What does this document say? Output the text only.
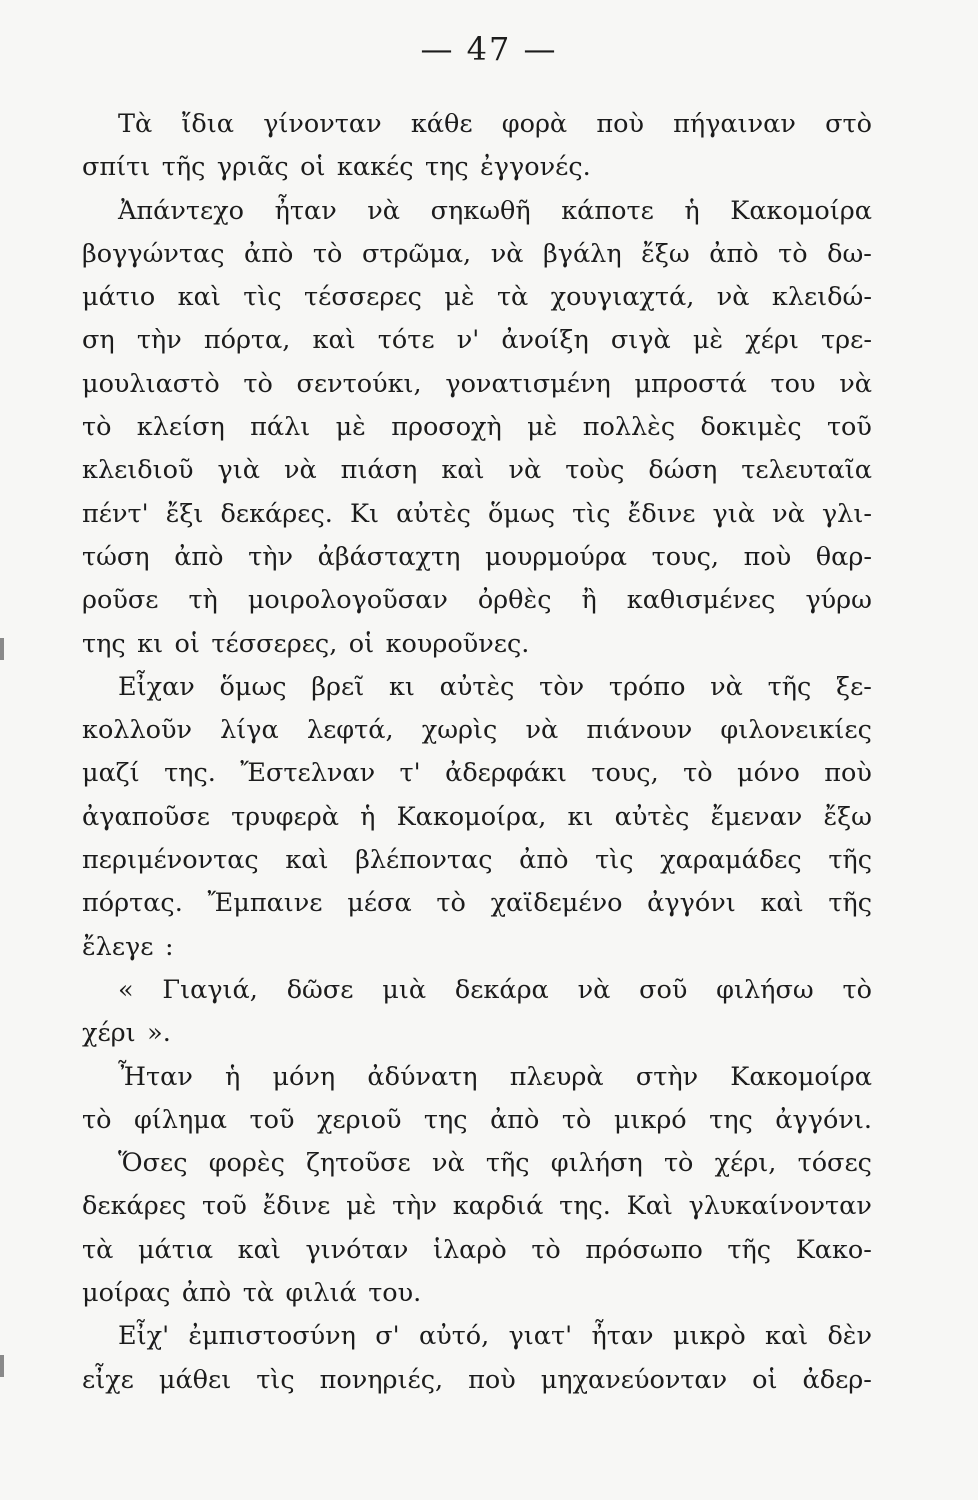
— 47 —
Τὰ ἴδια γίνονταν κάθε φορὰ ποὺ πήγαιναν στὸ
σπίτι τῆς γριᾶς οἱ κακές της ἐγγονές.
Ἀπάντεχο ἦταν νὰ σηκωθῆ κάποτε ἡ Κακομοίρα
βογγώντας ἀπὸ τὸ στρῶμα, νὰ βγάλη ἔξω ἀπὸ τὸ δω-
μάτιο καὶ τὶς τέσσερες μὲ τὰ χουγιαχτά, νὰ κλειδώ-
ση τὴν πόρτα, καὶ τότε ν' ἀνοίξη σιγὰ μὲ χέρι τρε-
μουλιαστὸ τὸ σεντούκι, γονατισμένη μπροστά του νὰ
τὸ κλείση πάλι μὲ προσοχὴ μὲ πολλὲς δοκιμὲς τοῦ
κλειδιοῦ γιὰ νὰ πιάση καὶ νὰ τοὺς δώση τελευταῖα
πέντ' ἔξι δεκάρες. Κι αὐτὲς ὅμως τὶς ἔδινε γιὰ νὰ γλι-
τώση ἀπὸ τὴν ἀβάσταχτη μουρμούρα τους, ποὺ θαρ-
ροῦσε τὴ μοιρολογοῦσαν ὀρθὲς ἢ καθισμένες γύρω
της κι οἱ τέσσερες, οἱ κουροῦνες.
Εἶχαν ὅμως βρεῖ κι αὐτὲς τὸν τρόπο νὰ τῆς ξε-
κολλοῦν λίγα λεφτά, χωρὶς νὰ πιάνουν φιλονεικίες
μαζί της. Ἔστελναν τ' ἀδερφάκι τους, τὸ μόνο ποὺ
ἀγαποῦσε τρυφερὰ ἡ Κακομοίρα, κι αὐτὲς ἔμεναν ἔξω
περιμένοντας καὶ βλέποντας ἀπὸ τὶς χαραμάδες τῆς
πόρτας. Ἔμπαινε μέσα τὸ χαϊδεμένο ἀγγόνι καὶ τῆς
ἔλεγε :
« Γιαγιά, δῶσε μιὰ δεκάρα νὰ σοῦ φιλήσω τὸ
χέρι ».
Ἦταν ἡ μόνη ἀδύνατη πλευρὰ στὴν Κακομοίρα
τὸ φίλημα τοῦ χεριοῦ της ἀπὸ τὸ μικρό της ἀγγόνι.
Ὅσες φορὲς ζητοῦσε νὰ τῆς φιλήση τὸ χέρι, τόσες
δεκάρες τοῦ ἔδινε μὲ τὴν καρδιά της. Καὶ γλυκαίνονταν
τὰ μάτια καὶ γινόταν ἱλαρὸ τὸ πρόσωπο τῆς Κακο-
μοίρας ἀπὸ τὰ φιλιά του.
Εἶχ' ἐμπιστοσύνη σ' αὐτό, γιατ' ἦταν μικρὸ καὶ δὲν
εἶχε μάθει τὶς πονηριές, ποὺ μηχανεύονταν οἱ ἀδερ-
